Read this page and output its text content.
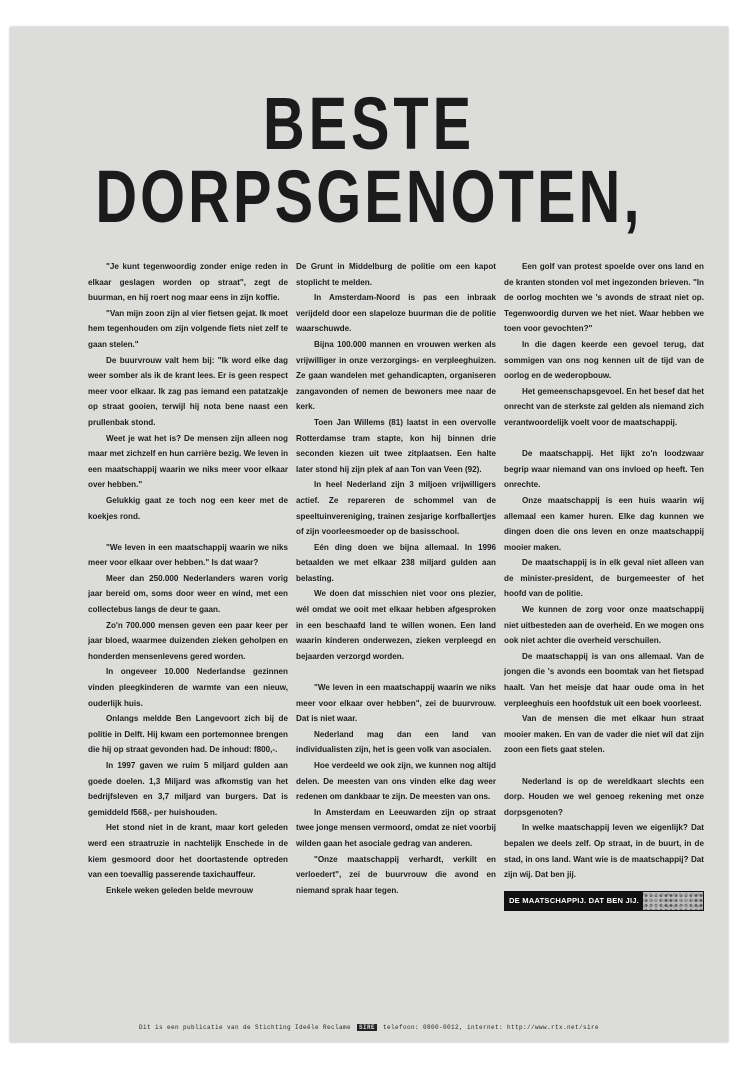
BESTE
DORPSGENOTEN,

"Je kunt tegenwoordig zonder enige reden in elkaar geslagen worden op straat", zegt de buurman, en hij roert nog maar eens in zijn koffie.

"Van mijn zoon zijn al vier fietsen gejat. Ik moet hem tegenhouden om zijn volgende fiets niet zelf te gaan stelen."

De buurvrouw valt hem bij: "Ik word elke dag weer somber als ik de krant lees. Er is geen respect meer voor elkaar. Ik zag pas iemand een patatzakje op straat gooien, terwijl hij nota bene naast een prullenbak stond.

Weet je wat het is? De mensen zijn alleen nog maar met zichzelf en hun carrière bezig. We leven in een maatschappij waarin we niks meer voor elkaar over hebben."

Gelukkig gaat ze toch nog een keer met de koekjes rond.

"We leven in een maatschappij waarin we niks meer voor elkaar over hebben." Is dat waar?

Meer dan 250.000 Nederlanders waren vorig jaar bereid om, soms door weer en wind, met een collectebus langs de deur te gaan.

Zo'n 700.000 mensen geven een paar keer per jaar bloed, waarmee duizenden zieken geholpen en honderden mensenlevens gered worden.

In ongeveer 10.000 Nederlandse gezinnen vinden pleegkinderen de warmte van een nieuw, ouderlijk huis.

Onlangs meldde Ben Langevoort zich bij de politie in Delft. Hij kwam een portemonnee brengen die hij op straat gevonden had. De inhoud: f800,-.

In 1997 gaven we ruim 5 miljard gulden aan goede doelen. 1,3 Miljard was afkomstig van het bedrijfsleven en 3,7 miljard van burgers. Dat is gemiddeld f568,- per huishouden.

Het stond niet in de krant, maar kort geleden werd een straatruzie in nachtelijk Enschede in de kiem gesmoord door het doortastende optreden van een toevallig passerende taxichauffeur.

Enkele weken geleden belde mevrouw

De Grunt in Middelburg de politie om een kapot stoplicht te melden.

In Amsterdam-Noord is pas een inbraak verijdeld door een slapeloze buurman die de politie waarschuwde.

Bijna 100.000 mannen en vrouwen werken als vrijwilliger in onze verzorgings- en verpleeghuizen. Ze gaan wandelen met gehandicapten, organiseren zangavonden of nemen de bewoners mee naar de kerk.

Toen Jan Willems (81) laatst in een overvolle Rotterdamse tram stapte, kon hij binnen drie seconden kiezen uit twee zitplaatsen. Een halte later stond hij zijn plek af aan Ton van Veen (92).

In heel Nederland zijn 3 miljoen vrijwilligers actief. Ze repareren de schommel van de speeltuinvereniging, trainen zesjarige korfballertjes of zijn voorleesmoeder op de basisschool.

Eén ding doen we bijna allemaal. In 1996 betaalden we met elkaar 238 miljard gulden aan belasting.

We doen dat misschien niet voor ons plezier, wél omdat we ooit met elkaar hebben afgesproken in een beschaafd land te willen wonen. Een land waarin kinderen onderwezen, zieken verpleegd en bejaarden verzorgd worden.

"We leven in een maatschappij waarin we niks meer voor elkaar over hebben", zei de buurvrouw. Dat is niet waar.

Nederland mag dan een land van individualisten zijn, het is geen volk van asocialen.

Hoe verdeeld we ook zijn, we kunnen nog altijd delen. De meesten van ons vinden elke dag weer redenen om dankbaar te zijn. De meesten van ons.

In Amsterdam en Leeuwarden zijn op straat twee jonge mensen vermoord, omdat ze niet voorbij wilden gaan het asociale gedrag van anderen.

"Onze maatschappij verhardt, verkilt en verloedert", zei de buurvrouw die avond en niemand sprak haar tegen.

Een golf van protest spoelde over ons land en de kranten stonden vol met ingezonden brieven. "In de oorlog mochten we 's avonds de straat niet op. Tegenwoordig durven we het niet. Waar hebben we toen voor gevochten?"

In die dagen keerde een gevoel terug, dat sommigen van ons nog kennen uit de tijd van de oorlog en de wederopbouw.

Het gemeenschapsgevoel. En het besef dat het onrecht van de sterkste zal gelden als niemand zich verantwoordelijk voelt voor de maatschappij.

De maatschappij. Het lijkt zo'n loodzwaar begrip waar niemand van ons invloed op heeft. Ten onrechte.

Onze maatschappij is een huis waarin wij allemaal een kamer huren. Elke dag kunnen we dingen doen die ons leven en onze maatschappij mooier maken.

De maatschappij is in elk geval niet alleen van de minister-president, de burgemeester of het hoofd van de politie.

We kunnen de zorg voor onze maatschappij niet uitbesteden aan de overheid. En we mogen ons ook niet achter die overheid verschuilen.

De maatschappij is van ons allemaal. Van de jongen die 's avonds een boomtak van het fietspad haalt. Van het meisje dat haar oude oma in het verpleeghuis een hoofdstuk uit een boek voorleest.

Van de mensen die met elkaar hun straat mooier maken. En van de vader die niet wil dat zijn zoon een fiets gaat stelen.

Nederland is op de wereldkaart slechts een dorp. Houden we wel genoeg rekening met onze dorpsgenoten?

In welke maatschappij leven we eigenlijk? Dat bepalen we deels zelf. Op straat, in de buurt, in de stad, in ons land. Want wie is de maatschappij? Dat zijn wij. Dat ben jij.

DE MAATSCHAPPIJ. DAT BEN JIJ.
Dit is een publicatie van de Stichting Ideële Reclame SIRE telefoon: 0800-0012, internet: http://www.rtx.net/sire
